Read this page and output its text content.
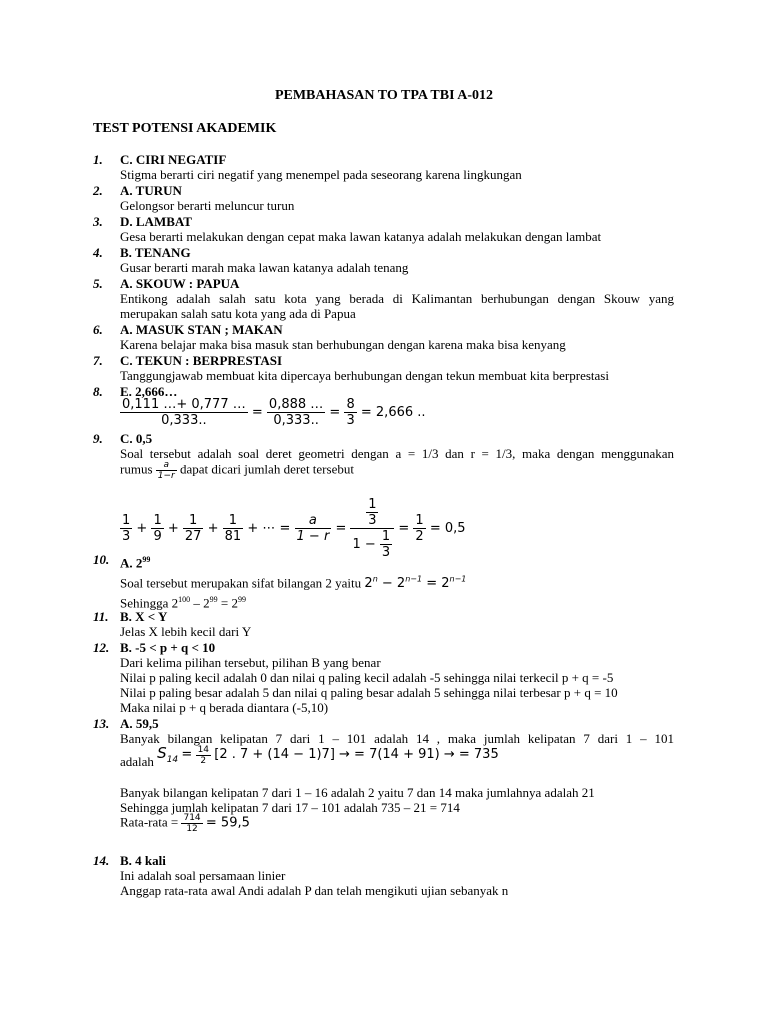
PEMBAHASAN TO TPA TBI A-012
TEST POTENSI AKADEMIK
1. C. CIRI NEGATIF
Stigma berarti ciri negatif yang menempel pada seseorang karena lingkungan
2. A. TURUN
Gelongsor berarti meluncur turun
3. D. LAMBAT
Gesa berarti melakukan dengan cepat maka lawan katanya adalah melakukan dengan lambat
4. B. TENANG
Gusar berarti marah maka lawan katanya adalah tenang
5. A. SKOUW : PAPUA
Entikong adalah salah satu kota yang berada di Kalimantan berhubungan dengan Skouw yang
merupakan salah satu kota yang ada di Papua
6. A. MASUK STAN ; MAKAN
Karena belajar maka bisa masuk stan berhubungan dengan karena maka bisa kenyang
7. C. TEKUN : BERPRESTASI
Tanggungjawab membuat kita dipercaya berhubungan dengan tekun membuat kita berprestasi
8. E. 2,666…
$\frac{0,111 \dots+ 0,777 \dots}{0,333..} = \frac{0,888 \dots}{0,333..} = \frac{8}{3} = 2,666$ ..
9. C. 0,5
Soal tersebut adalah soal deret geometri dengan a = 1/3 dan r = 1/3, maka dengan menggunakan
rumus $\frac{a}{1-r}$ dapat dicari jumlah deret tersebut
$\frac{1}{3} + \frac{1}{9} + \frac{1}{27} + \frac{1}{81}$ + ⋯ = $\frac{a}{1 - r} = \frac{\frac{1}{3}}{1 - \frac{1}{3}} = \frac{1}{2} = 0,5$
10. A. $2^{99}$
Soal tersebut merupakan sifat bilangan 2 yaitu $2^n - 2^{n-1} = 2^{n-1}$
Sehingga $2^{100} - 2^{99} = 2^{99}$
11. B. X < Y
Jelas X lebih kecil dari Y
12. B. -5 < p + q < 10
Dari kelima pilihan tersebut, pilihan B yang benar
Nilai p paling kecil adalah 0 dan nilai q paling kecil adalah -5 sehingga nilai terkecil p + q = -5
Nilai p paling besar adalah 5 dan nilai q paling besar adalah 5 sehingga nilai terbesar p + q = 10
Maka nilai p + q berada diantara (-5,10)
13. A. 59,5
Banyak bilangan kelipatan 7 dari 1 – 101 adalah 14 , maka jumlah kelipatan 7 dari 1 – 101
adalah $S_{14} = \frac{14}{2} [2$ . 7 + (14 − 1)7] → = 7(14 + 91) → = 735
Banyak bilangan kelipatan 7 dari 1 – 16 adalah 2 yaitu 7 dan 14 maka jumlahnya adalah 21
Sehingga jumlah kelipatan 7 dari 17 – 101 adalah 735 – 21 = 714
Rata-rata = $\frac{714}{12} = 59,5$
14. B. 4 kali
Ini adalah soal persamaan linier
Anggap rata-rata awal Andi adalah P dan telah mengikuti ujian sebanyak n
